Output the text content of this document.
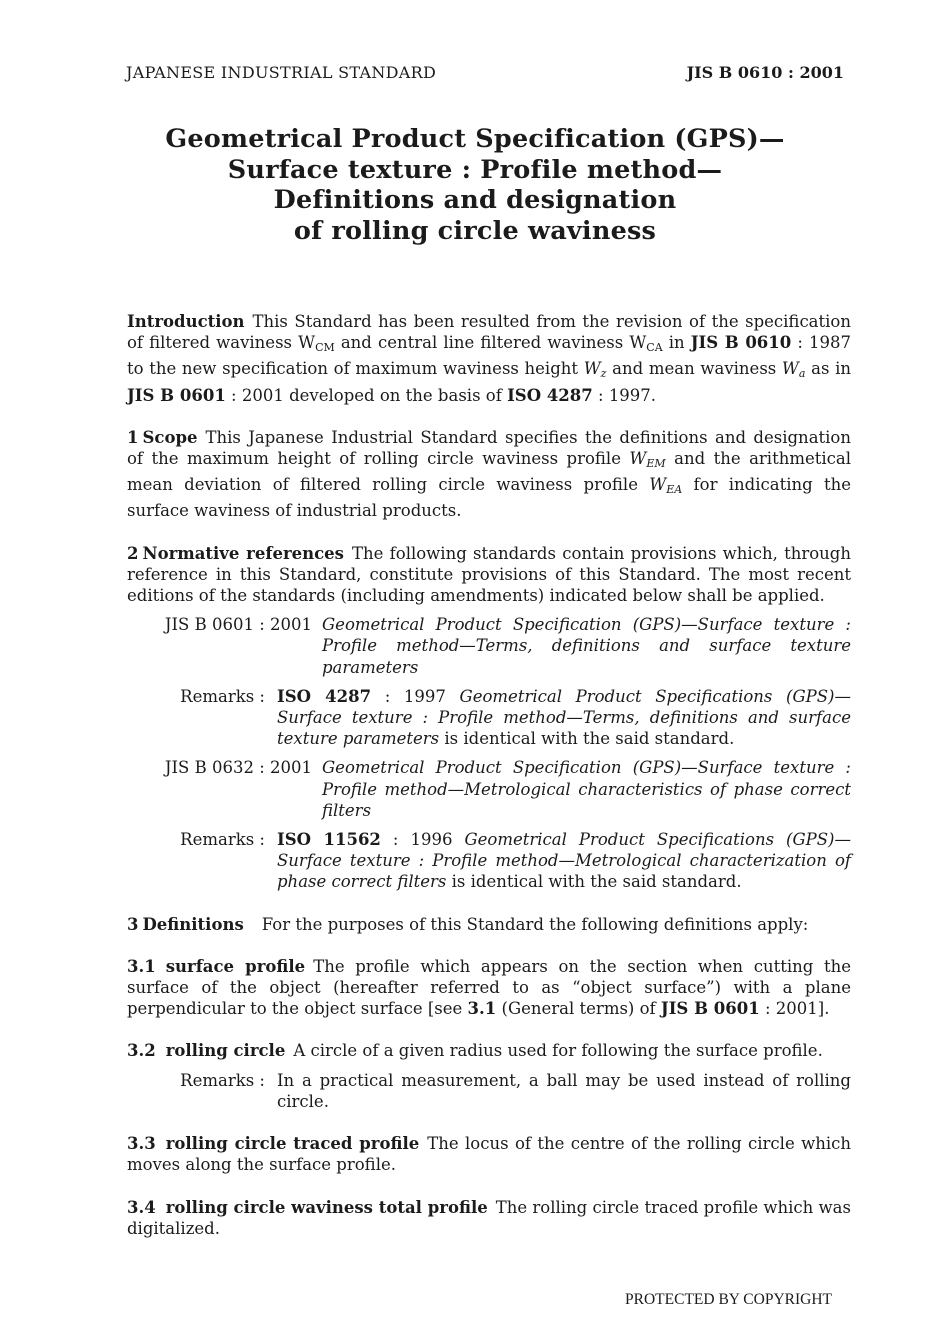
JAPANESE INDUSTRIAL STANDARD	JIS B 0610 : 2001
Geometrical Product Specification (GPS)—
Surface texture : Profile method—
Definitions and designation
of rolling circle waviness
Introduction This Standard has been resulted from the revision of the specification of filtered waviness $W_{CM}$ and central line filtered waviness $W_{CA}$ in JIS B 0610 : 1987 to the new specification of maximum waviness height $W_z$ and mean waviness $W_a$ as in JIS B 0601 : 2001 developed on the basis of ISO 4287 : 1997.
1 Scope This Japanese Industrial Standard specifies the definitions and designation of the maximum height of rolling circle waviness profile $W_{EM}$ and the arithmetical mean deviation of filtered rolling circle waviness profile $W_{EA}$ for indicating the surface waviness of industrial products.
2 Normative references The following standards contain provisions which, through reference in this Standard, constitute provisions of this Standard. The most recent editions of the standards (including amendments) indicated below shall be applied.
JIS B 0601 : 2001 Geometrical Product Specification (GPS)—Surface texture : Profile method—Terms, definitions and surface texture parameters
Remarks : ISO 4287 : 1997 Geometrical Product Specifications (GPS)—Surface texture : Profile method—Terms, definitions and surface texture parameters is identical with the said standard.
JIS B 0632 : 2001 Geometrical Product Specification (GPS)—Surface texture : Profile method—Metrological characteristics of phase correct filters
Remarks : ISO 11562 : 1996 Geometrical Product Specifications (GPS)—Surface texture : Profile method—Metrological characterization of phase correct filters is identical with the said standard.
3 Definitions For the purposes of this Standard the following definitions apply:
3.1 surface profile The profile which appears on the section when cutting the surface of the object (hereafter referred to as “object surface”) with a plane perpendicular to the object surface [see 3.1 (General terms) of JIS B 0601 : 2001].
3.2 rolling circle A circle of a given radius used for following the surface profile.
Remarks : In a practical measurement, a ball may be used instead of rolling circle.
3.3 rolling circle traced profile The locus of the centre of the rolling circle which moves along the surface profile.
3.4 rolling circle waviness total profile The rolling circle traced profile which was digitalized.
PROTECTED BY COPYRIGHT
